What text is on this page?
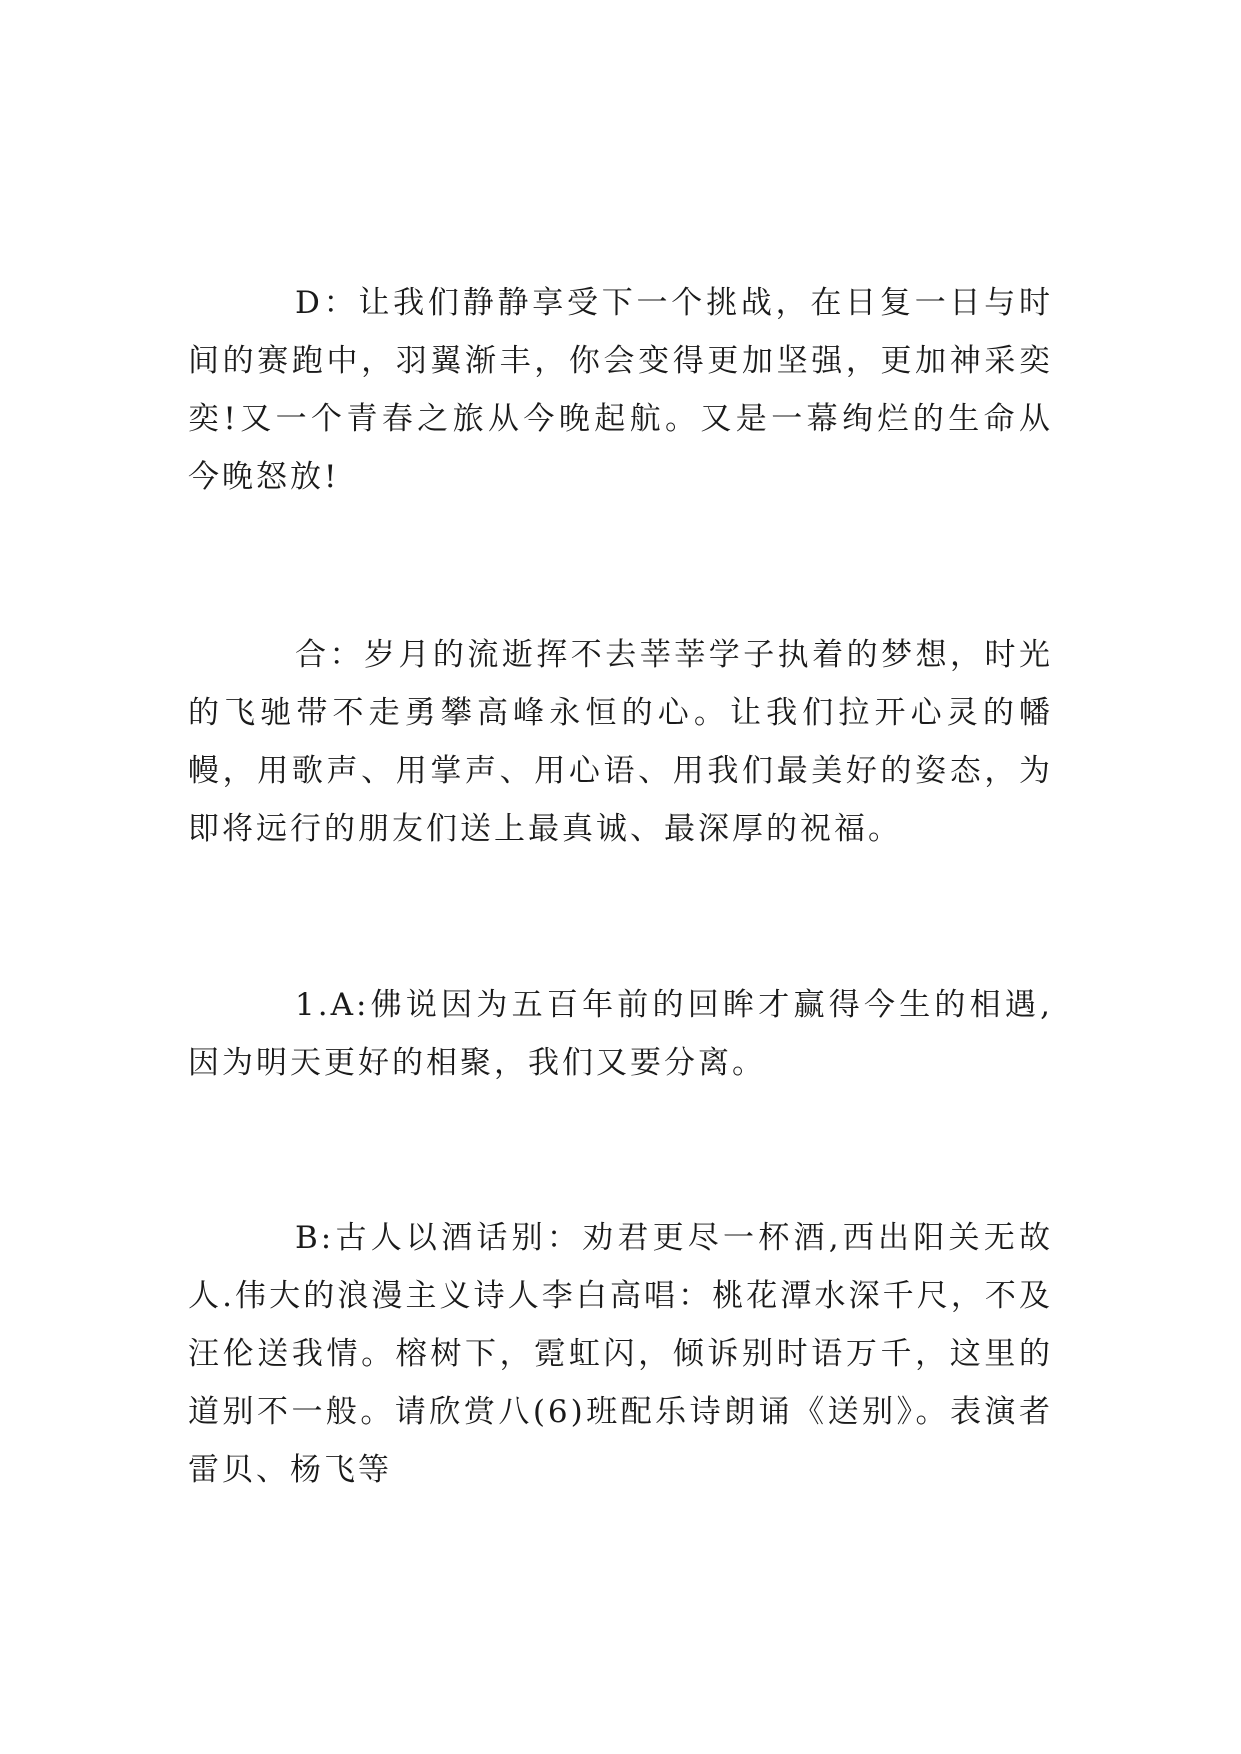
D：让我们静静享受下一个挑战，在日复一日与时间的赛跑中，羽翼渐丰，你会变得更加坚强，更加神采奕奕!又一个青春之旅从今晚起航。又是一幕绚烂的生命从今晚怒放!

合：岁月的流逝挥不去莘莘学子执着的梦想，时光的飞驰带不走勇攀高峰永恒的心。让我们拉开心灵的幡幔，用歌声、用掌声、用心语、用我们最美好的姿态，为即将远行的朋友们送上最真诚、最深厚的祝福。

1.A:佛说因为五百年前的回眸才赢得今生的相遇,因为明天更好的相聚，我们又要分离。

B:古人以酒话别：劝君更尽一杯酒,西出阳关无故人.伟大的浪漫主义诗人李白高唱：桃花潭水深千尺，不及汪伦送我情。榕树下，霓虹闪，倾诉别时语万千，这里的道别不一般。请欣赏八(6)班配乐诗朗诵《送别》。表演者雷贝、杨飞等
